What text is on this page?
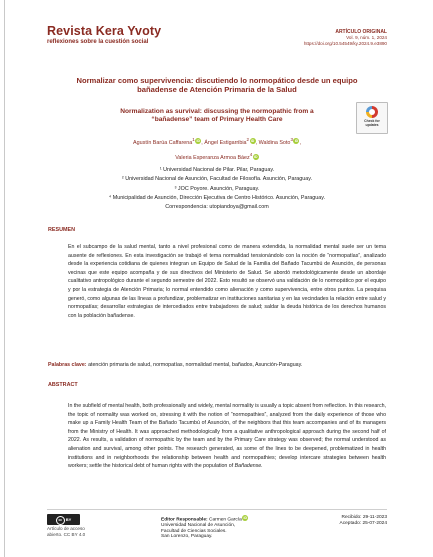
Revista Kera Yvoty
reflexiones sobre la cuestión social
ARTÍCULO ORIGINAL
Vol. 9, núm. 1, 2024
https://doi.org/10.54549/ky.2024.9.e3890
Normalizar como supervivencia: discutiendo lo normopático desde un equipo bañadense de Atención Primaria de la Salud
Normalization as survival: discussing the normopathic from a “bañadense” team of Primary Health Care	Check for
updates
Agustín Barúa Caffarena$^1$ iD, Ángel Estigarribia$^2$ iD, Waldina Soto$^3$ iD,
Valeria Esperanza Armoa Báez$^4$ iD
¹ Universidad Nacional de Pilar. Pilar, Paraguay.
² Universidad Nacional de Asunción, Facultad de Filosofía. Asunción, Paraguay.
³ JOC Poyore. Asunción, Paraguay.
⁴ Municipalidad de Asunción, Dirección Ejecutiva de Centro Histórico. Asunción, Paraguay.
Correspondencia: utopiandoya@gmail.com
RESUMEN
En el subcampo de la salud mental, tanto a nivel profesional como de manera extendida, la normalidad mental suele ser un tema ausente de reflexiones. En esta investigación se trabajó el tema normalidad tensionándolo con la noción de “normopatías”, analizado desde la experiencia cotidiana de quienes integran un Equipo de Salud de la Familia del Bañado Tacumbú de Asunción, de personas vecinas que este equipo acompaña y de sus directivos del Ministerio de Salud. Se abordó metodológicamente desde un abordaje cualitativo antropológico durante el segundo semestre del 2022. Esto resultó se observó una validación de lo normopático por el equipo y por la estrategia de Atención Primaria; lo normal entendido como alienación y como supervivencia, entre otros puntos. La pesquisa generó, como algunas de las líneas a profundizar, problematizar en instituciones sanitarias y en las vecindades la relación entre salud y normopatías; desarrollar estrategias de intercediados entre trabajadores de salud; saldar la deuda histórica de los derechos humanos con la población bañadense.
Palabras clave: atención primaria de salud, normopatías, normalidad mental, bañados, Asunción-Paraguay.
ABSTRACT
In the subfield of mental health, both professionally and widely, mental normality is usually a topic absent from reflection. In this research, the topic of normality was worked on, stressing it with the notion of “normopathies”, analyzed from the daily experience of those who make up a Family Health Team of the Bañado Tacumbú of Asunción, of the neighbors that this team accompanies and of its managers from the Ministry of Health. It was approached methodologically from a qualitative anthropological approach during the second half of 2022. As results, a validation of normopathic by the team and by the Primary Care strategy was observed; the normal understood as alienation and survival, among other points. The research generated, as some of the lines to be deepened, problematized in health institutions and in neighborhoods the relationship between health and normopathies; develop intercare strategies between health workers; settle the historical debt of human rights with the population of Bañadense.
cc BY
Artículo de acceso
abierto. CC BY 4.0
Editor Responsable: Carmen García iD
Universidad Nacional de Asunción,
Facultad de Ciencias Sociales.
San Lorenzo, Paraguay.
Recibido: 29-11-2023
Aceptado: 25-07-2024
